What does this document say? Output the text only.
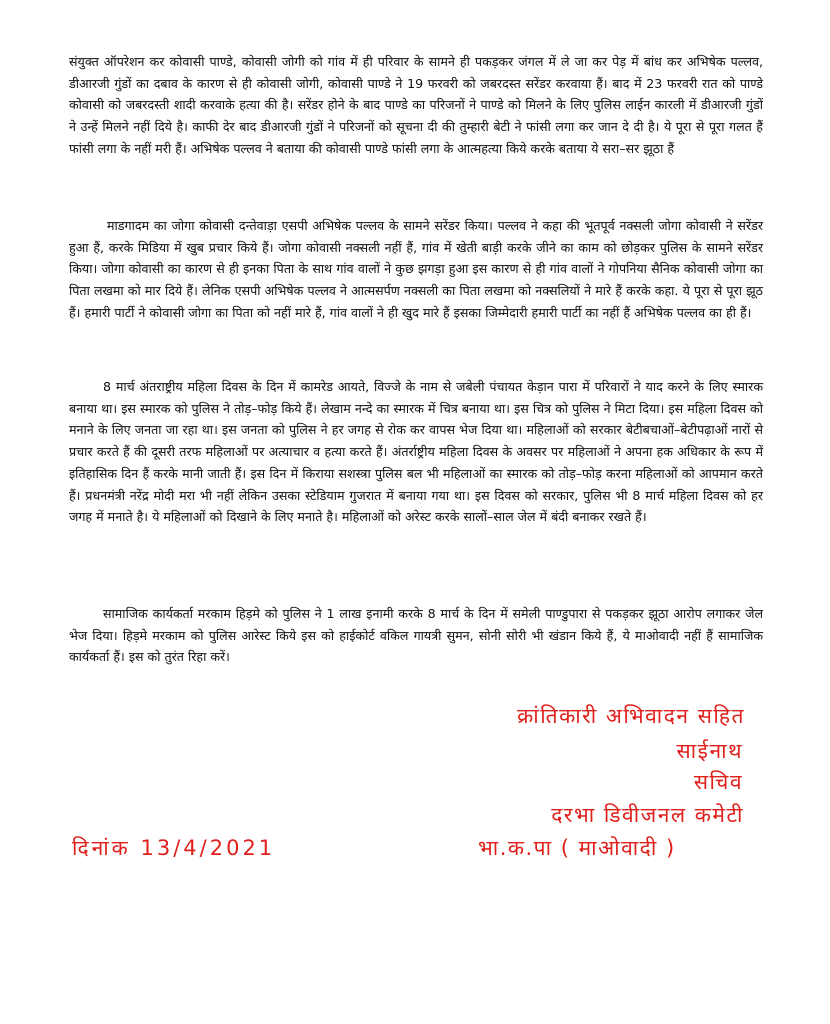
संयुक्त ऑपरेशन कर कोवासी पाण्डे, कोवासी जोगी को गांव में ही परिवार के सामने ही पकड़कर जंगल में ले जा कर पेड़ में बांध कर अभिषेक पल्लव, डीआरजी गुंडों का दबाव के कारण से ही कोवासी जोगी, कोवासी पाण्डे ने 19 फरवरी को जबरदस्त सरेंडर करवाया हैं। बाद में 23 फरवरी रात को पाण्डे कोवासी को जबरदस्ती शादी करवाके हत्या की है। सरेंडर होने के बाद पाण्डे का परिजनों ने पाण्डे को मिलने के लिए पुलिस लाईन कारली में डीआरजी गुंडों ने उन्हें मिलने नहीं दिये है। काफी देर बाद डीआरजी गुंडों ने परिजनों को सूचना दी की तुम्हारी बेटी ने फांसी लगा कर जान दे दी है। ये पूरा से पूरा गलत हैं फांसी लगा के नहीं मरी हैं। अभिषेक पल्लव ने बताया की कोवासी पाण्डे फांसी लगा के आत्महत्या किये करके बताया ये सरा–सर झूठा हैं

माडगादम का जोगा कोवासी दन्तेवाड़ा एसपी अभिषेक पल्लव के सामने सरेंडर किया। पल्लव ने कहा की भूतपूर्व नक्सली जोगा कोवासी ने सरेंडर हुआ हैं, करके मिडिया में खुब प्रचार किये हैं। जोगा कोवासी नक्सली नहीं हैं, गांव में खेती बाड़ी करके जीने का काम को छोड़कर पुलिस के सामने सरेंडर किया। जोगा कोवासी का कारण से ही इनका पिता के साथ गांव वालों ने कुछ झगड़ा हुआ इस कारण से ही गांव वालों ने गोपनिया सैनिक कोवासी जोगा का पिता लखमा को मार दिये हैं। लेनिक एसपी अभिषेक पल्लव ने आत्मसर्पण नक्सली का पिता लखमा को नक्सलियों ने मारे हैं करके कहा. ये पूरा से पूरा झूठ हैं। हमारी पार्टी ने कोवासी जोगा का पिता को नहीं मारे हैं, गांव वालों ने ही खुद मारे हैं इसका जिम्मेदारी हमारी पार्टी का नहीं हैं अभिषेक पल्लव का ही हैं।

8 मार्च अंतराष्ट्रीय महिला दिवस के दिन में कामरेड आयते, विज्जे के नाम से जबेली पंचायत केड़ान पारा में परिवारों ने याद करने के लिए स्मारक बनाया था। इस स्मारक को पुलिस ने तोड़–फोड़ किये हैं। लेखाम नन्दे का स्मारक में चित्र बनाया था। इस चित्र को पुलिस ने मिटा दिया। इस महिला दिवस को मनाने के लिए जनता जा रहा था। इस जनता को पुलिस ने हर जगह से रोक कर वापस भेज दिया था। महिलाओं को सरकार बेटीबचाओं–बेटीपढ़ाओं नारों से प्रचार करते हैं की दूसरी तरफ महिलाओं पर अत्याचार व हत्या करते हैं। अंतर्राष्ट्रीय महिला दिवस के अवसर पर महिलाओं ने अपना हक अधिकार के रूप में इतिहासिक दिन हैं करके मानी जाती हैं। इस दिन में किराया सशस्त्रा पुलिस बल भी महिलाओं का स्मारक को तोड़–फोड़ करना महिलाओं को आपमान करते हैं। प्रधनमंत्री नरेंद्र मोदी मरा भी नहीं लेकिन उसका स्टेडियाम गुजरात में बनाया गया था। इस दिवस को सरकार, पुलिस भी 8 मार्च महिला दिवस को हर जगह में मनाते है। ये महिलाओं को दिखाने के लिए मनाते है। महिलाओं को अरेस्ट करके सालों–साल जेल में बंदी बनाकर रखते हैं।

सामाजिक कार्यकर्ता मरकाम हिड़मे को पुलिस ने 1 लाख इनामी करके 8 मार्च के दिन में समेली पाण्डुपारा से पकड़कर झूठा आरोप लगाकर जेल भेज दिया। हिड़मे मरकाम को पुलिस आरेस्ट किये इस को हाईकोर्ट वकिल गायत्री सुमन, सोनी सोरी भी खंडान किये हैं, ये माओवादी नहीं हैं सामाजिक कार्यकर्ता हैं। इस को तुरंत रिहा करें।

क्रांतिकारी अभिवादन सहित

साईनाथ

सचिव

दरभा डिवीजनल कमेटी

भा.क.पा ( माओवादी )

दिनांक 13/4/2021
